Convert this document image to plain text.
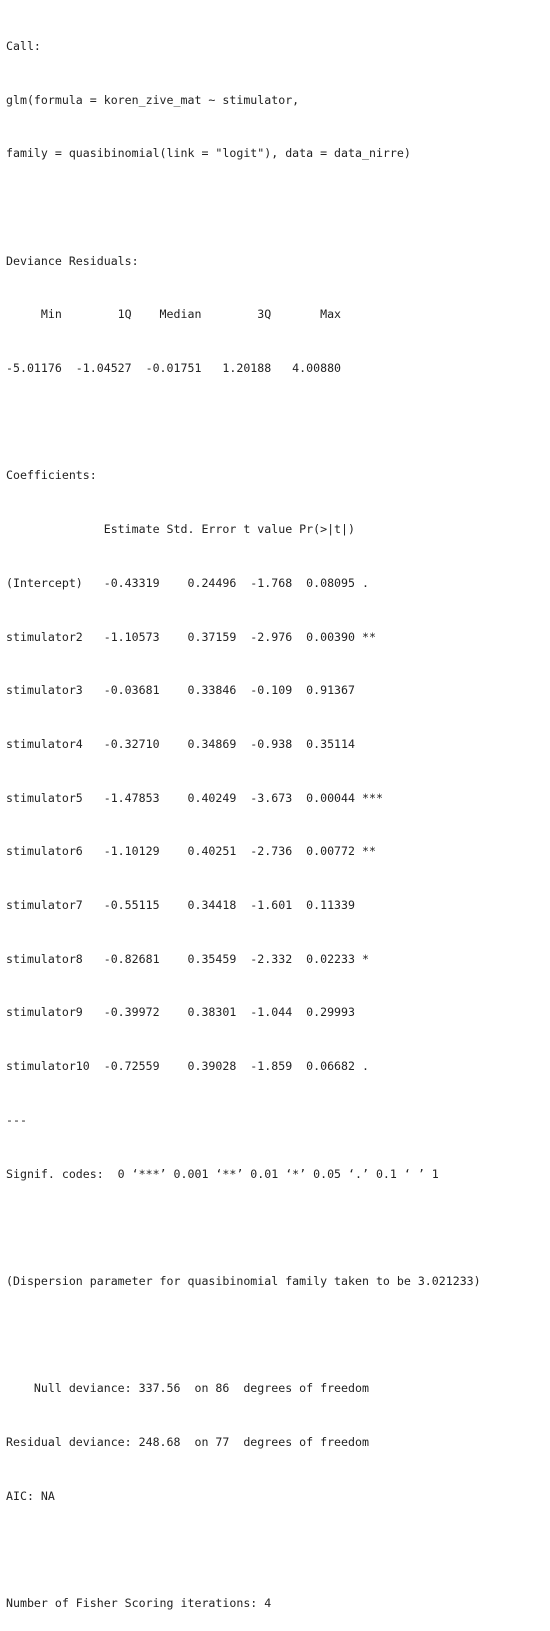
Call:

glm(formula = koren_zive_mat ~ stimulator,

family = quasibinomial(link = "logit"), data = data_nirre)

Deviance Residuals:

Min        1Q    Median        3Q       Max

-5.01176  -1.04527  -0.01751   1.20188   4.00880

Coefficients:

Estimate Std. Error t value Pr(>|t|)

(Intercept)   -0.43319    0.24496  -1.768  0.08095 .

stimulator2   -1.10573    0.37159  -2.976  0.00390 **

stimulator3   -0.03681    0.33846  -0.109  0.91367

stimulator4   -0.32710    0.34869  -0.938  0.35114

stimulator5   -1.47853    0.40249  -3.673  0.00044 ***

stimulator6   -1.10129    0.40251  -2.736  0.00772 **

stimulator7   -0.55115    0.34418  -1.601  0.11339

stimulator8   -0.82681    0.35459  -2.332  0.02233 *

stimulator9   -0.39972    0.38301  -1.044  0.29993

stimulator10  -0.72559    0.39028  -1.859  0.06682 .

---

Signif. codes:  0 ‘***’ 0.001 ‘**’ 0.01 ‘*’ 0.05 ‘.’ 0.1 ‘ ’ 1

(Dispersion parameter for quasibinomial family taken to be 3.021233)

Null deviance: 337.56  on 86  degrees of freedom

Residual deviance: 248.68  on 77  degrees of freedom

AIC: NA

Number of Fisher Scoring iterations: 4
